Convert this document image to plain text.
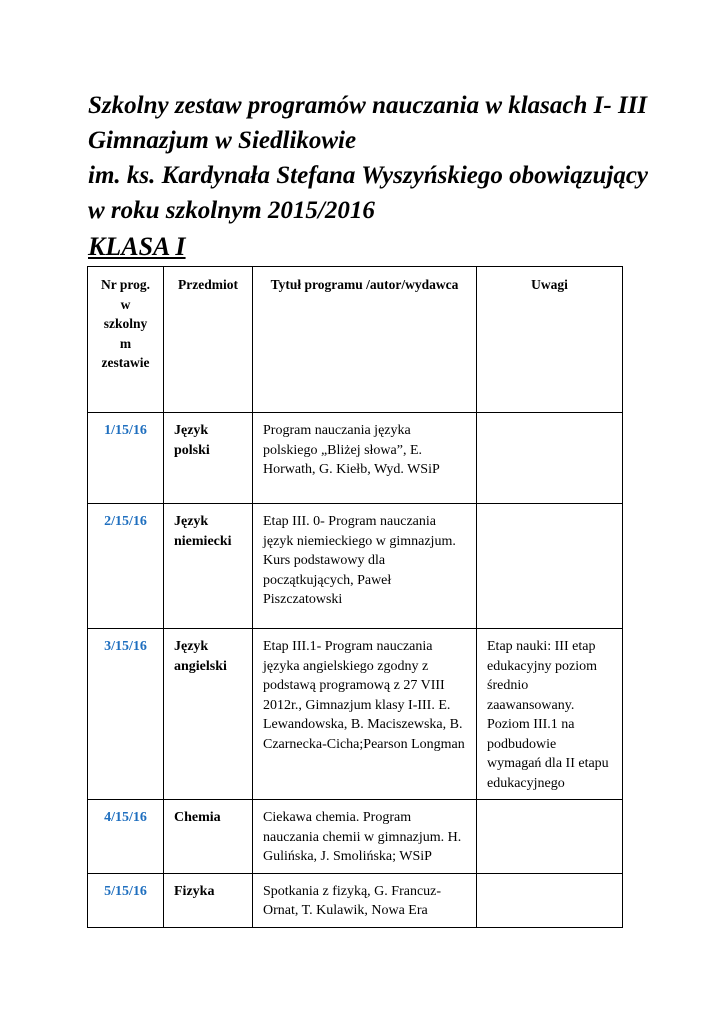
Szkolny zestaw programów nauczania w klasach I- III
Gimnazjum w Siedlikowie
im. ks. Kardynała Stefana Wyszyńskiego obowiązujący
w roku szkolnym 2015/2016
KLASA I
Nr prog.
w
szkolny
m
zestawie	Przedmiot	Tytuł programu /autor/wydawca	Uwagi
1/15/16	Język polski	Program nauczania języka polskiego „Bliżej słowa”, E. Horwath, G. Kiełb, Wyd. WSiP	
2/15/16	Język niemiecki	Etap III. 0- Program nauczania język niemieckiego w gimnazjum. Kurs podstawowy dla początkujących, Paweł Piszczatowski	
3/15/16	Język angielski	Etap III.1- Program nauczania języka angielskiego zgodny z podstawą programową z 27 VIII 2012r., Gimnazjum klasy I-III. E. Lewandowska, B. Maciszewska, B. Czarnecka-Cicha;Pearson Longman	Etap nauki: III etap edukacyjny poziom średnio zaawansowany. Poziom III.1 na podbudowie wymagań dla II etapu edukacyjnego
4/15/16	Chemia	Ciekawa chemia. Program nauczania chemii w gimnazjum. H. Gulińska, J. Smolińska; WSiP	
5/15/16	Fizyka	Spotkania z fizyką, G. Francuz-Ornat, T. Kulawik, Nowa Era	
